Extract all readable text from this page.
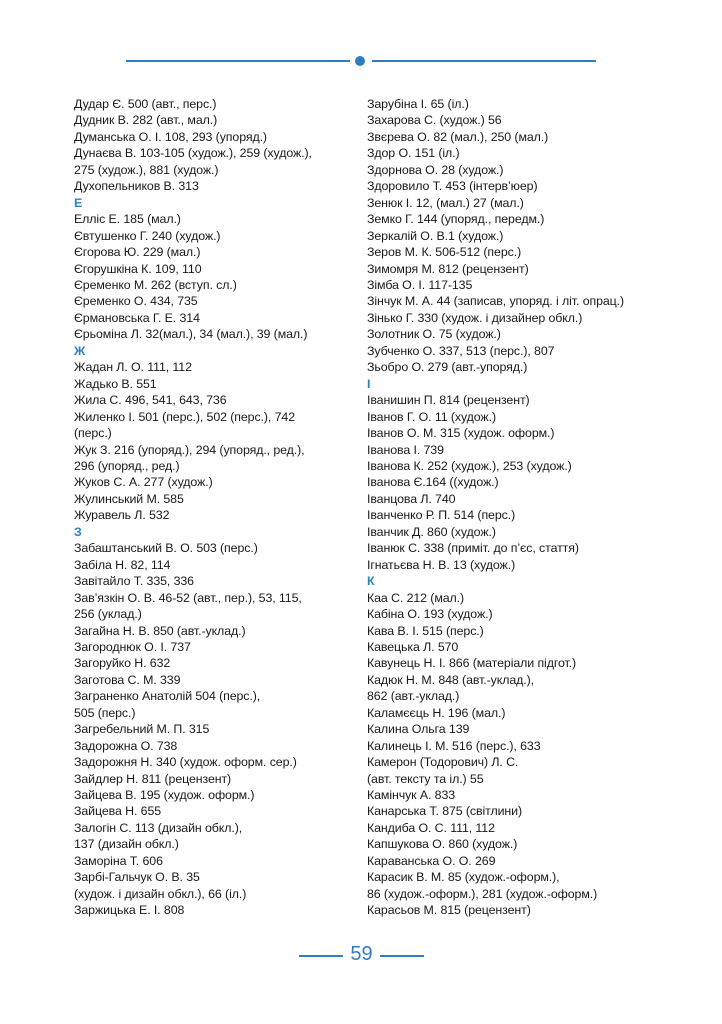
Дудар Є. 500 (авт., перс.)
Дудник В. 282 (авт., мал.)
Думанська О. І. 108, 293 (упоряд.)
Дунаєва В. 103-105 (худож.), 259 (худож.),
275 (худож.), 881 (худож.)
Духопельников В. 313
Е
Елліс Е. 185 (мал.)
Євтушенко Г. 240 (худож.)
Єгорова Ю. 229 (мал.)
Єгорушкіна К. 109, 110
Єременко М. 262 (вступ. сл.)
Єременко О. 434, 735
Єрмановська Г. Е. 314
Єрьоміна Л. 32(мал.), 34 (мал.), 39 (мал.)
Ж
Жадан Л. О. 111, 112
Жадько В. 551
Жила С. 496, 541, 643, 736
Жиленко І. 501 (перс.), 502 (перс.), 742
(перс.)
Жук З. 216 (упоряд.), 294 (упоряд., ред.),
296 (упоряд., ред.)
Жуков С. А. 277 (худож.)
Жулинський М. 585
Журавель Л. 532
З
Забаштанський В. О. 503 (перс.)
Забіла Н. 82, 114
Завітайло Т. 335, 336
Зав’язкін О. В. 46-52 (авт., пер.), 53, 115,
256 (уклад.)
Загайна Н. В. 850 (авт.-уклад.)
Загороднюк О. І. 737
Загоруйко Н. 632
Заготова С. М. 339
Заграненко Анатолій 504 (перс.),
505 (перс.)
Загребельний М. П. 315
Задорожна О. 738
Задорожня Н. 340 (худож. оформ. сер.)
Зайдлер Н. 811 (рецензент)
Зайцева В. 195 (худож. оформ.)
Зайцева Н. 655
Залогін С. 113 (дизайн обкл.),
137 (дизайн обкл.)
Заморіна Т. 606
Зарбі-Гальчук О. В. 35
(худож. і дизайн обкл.), 66 (іл.)
Заржицька Е. І. 808
Зарубіна І. 65 (іл.)
Захарова С. (худож.) 56
Звєрева О. 82 (мал.), 250 (мал.)
Здор О. 151 (іл.)
Здорнова О. 28 (худож.)
Здоровило Т. 453 (інтерв’юер)
Зенюк І. 12, (мал.) 27 (мал.)
Земко Г. 144 (упоряд., передм.)
Зеркалій О. В.1 (худож.)
Зеров М. К. 506-512 (перс.)
Зимомря М. 812 (рецензент)
Зімба О. І. 117-135
Зінчук М. А. 44 (записав, упоряд. і літ. опрац.)
Зінько Г. 330 (худож. і дизайнер обкл.)
Золотник О. 75 (худож.)
Зубченко О. 337, 513 (перс.), 807
Зьобро О. 279 (авт.-упоряд.)
І
Іванишин П. 814 (рецензент)
Іванов Г. О. 11 (худож.)
Іванов О. М. 315 (худож. оформ.)
Іванова І. 739
Іванова К. 252 (худож.), 253 (худож.)
Іванова Є.164 ((худож.)
Іванцова Л. 740
Іванченко Р. П. 514 (перс.)
Іванчик Д. 860 (худож.)
Іванюк С. 338 (приміт. до п’єс, стаття)
Ігнатьєва Н. В. 13 (худож.)
К
Каа С. 212 (мал.)
Кабіна О. 193 (худож.)
Кава В. І. 515 (перс.)
Кавецька Л. 570
Кавунець Н. І. 866 (матеріали підгот.)
Кадюк Н. М. 848 (авт.-уклад.),
862 (авт.-уклад.)
Каламєєць Н. 196 (мал.)
Калина Ольга 139
Калинець І. М. 516 (перс.), 633
Камерон (Тодорович) Л. С.
(авт. тексту та іл.) 55
Камінчук А. 833
Канарська Т. 875 (світлини)
Кандиба О. С. 111, 112
Капшукова О. 860 (худож.)
Караванська О. О. 269
Карасик В. М. 85 (худож.-оформ.),
86 (худож.-оформ.), 281 (худож.-оформ.)
Карасьов М. 815 (рецензент)
59
